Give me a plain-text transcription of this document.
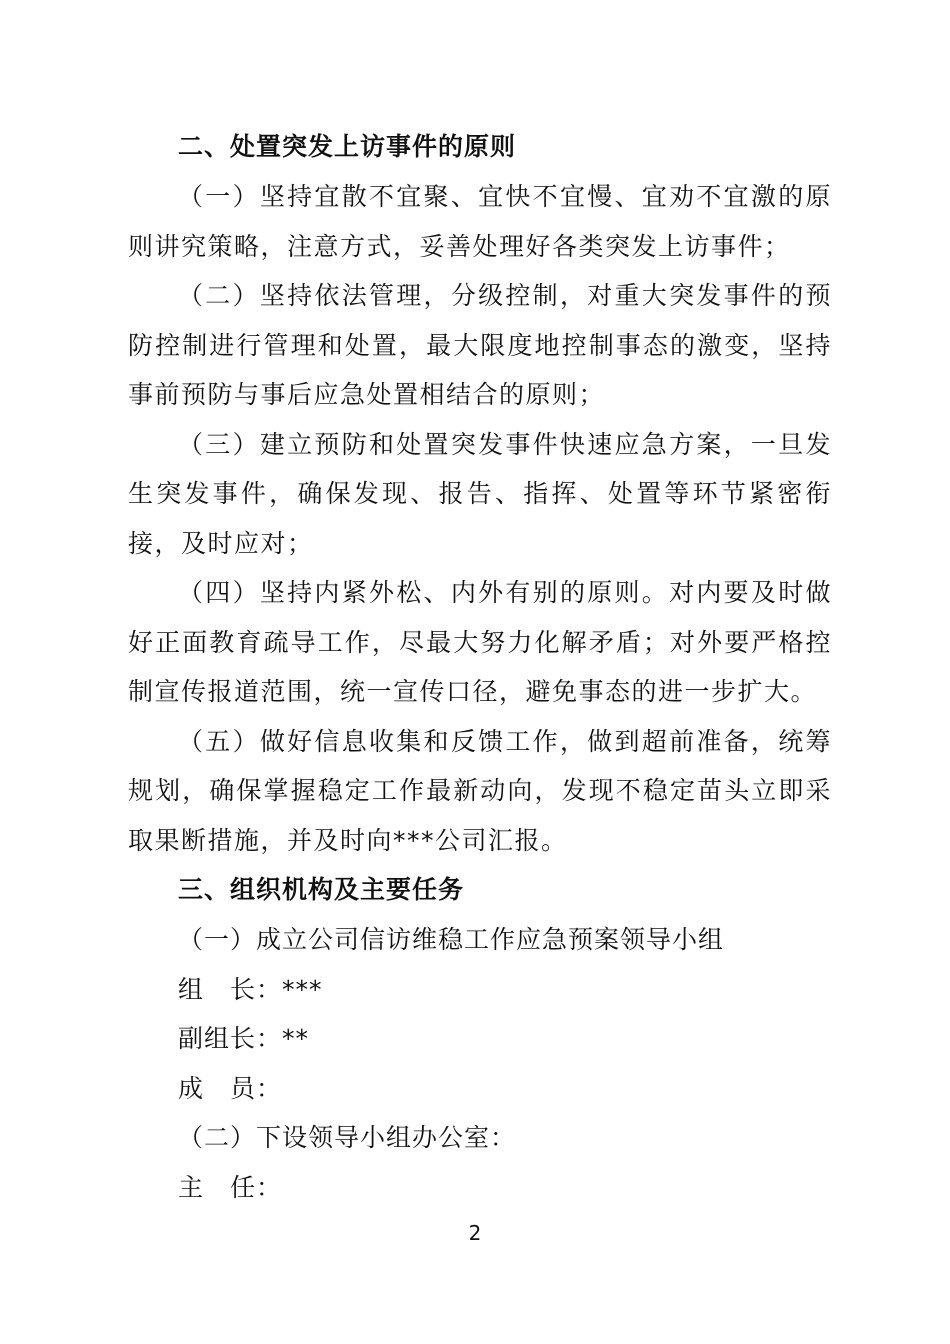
二、处置突发上访事件的原则

（一）坚持宜散不宜聚、宜快不宜慢、宜劝不宜激的原则讲究策略，注意方式，妥善处理好各类突发上访事件；

（二）坚持依法管理，分级控制，对重大突发事件的预防控制进行管理和处置，最大限度地控制事态的激变，坚持事前预防与事后应急处置相结合的原则；

（三）建立预防和处置突发事件快速应急方案，一旦发生突发事件，确保发现、报告、指挥、处置等环节紧密衔接，及时应对；

（四）坚持内紧外松、内外有别的原则。对内要及时做好正面教育疏导工作，尽最大努力化解矛盾；对外要严格控制宣传报道范围，统一宣传口径，避免事态的进一步扩大。

（五）做好信息收集和反馈工作，做到超前准备，统筹规划，确保掌握稳定工作最新动向，发现不稳定苗头立即采取果断措施，并及时向***公司汇报。

三、组织机构及主要任务

（一）成立公司信访维稳工作应急预案领导小组

组　长：***

副组长：**

成　员：

（二）下设领导小组办公室：

主　任：

2
